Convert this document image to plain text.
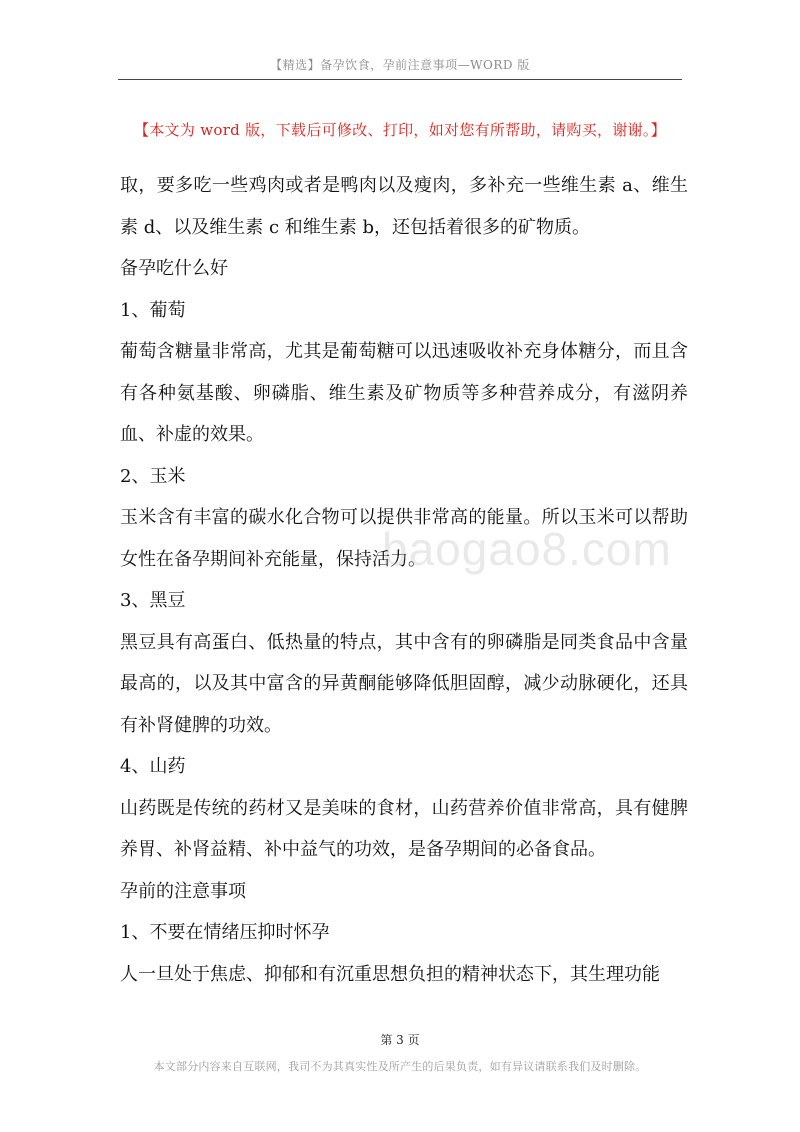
【精选】备孕饮食，孕前注意事项—WORD 版
【本文为 word 版，下载后可修改、打印，如对您有所帮助，请购买，谢谢。】

取，要多吃一些鸡肉或者是鸭肉以及瘦肉，多补充一些维生素 a、维生素 d、以及维生素 c 和维生素 b，还包括着很多的矿物质。

备孕吃什么好

1、葡萄

葡萄含糖量非常高，尤其是葡萄糖可以迅速吸收补充身体糖分，而且含有各种氨基酸、卵磷脂、维生素及矿物质等多种营养成分，有滋阴养血、补虚的效果。

2、玉米

玉米含有丰富的碳水化合物可以提供非常高的能量。所以玉米可以帮助女性在备孕期间补充能量，保持活力。

3、黑豆

黑豆具有高蛋白、低热量的特点，其中含有的卵磷脂是同类食品中含量最高的，以及其中富含的异黄酮能够降低胆固醇，减少动脉硬化，还具有补肾健脾的功效。

4、山药

山药既是传统的药材又是美味的食材，山药营养价值非常高，具有健脾养胃、补肾益精、补中益气的功效，是备孕期间的必备食品。

孕前的注意事项

1、不要在情绪压抑时怀孕

人一旦处于焦虑、抑郁和有沉重思想负担的精神状态下，其生理功能

baogao8.com
第 3 页
本文部分内容来自互联网，我司不为其真实性及所产生的后果负责，如有异议请联系我们及时删除。
